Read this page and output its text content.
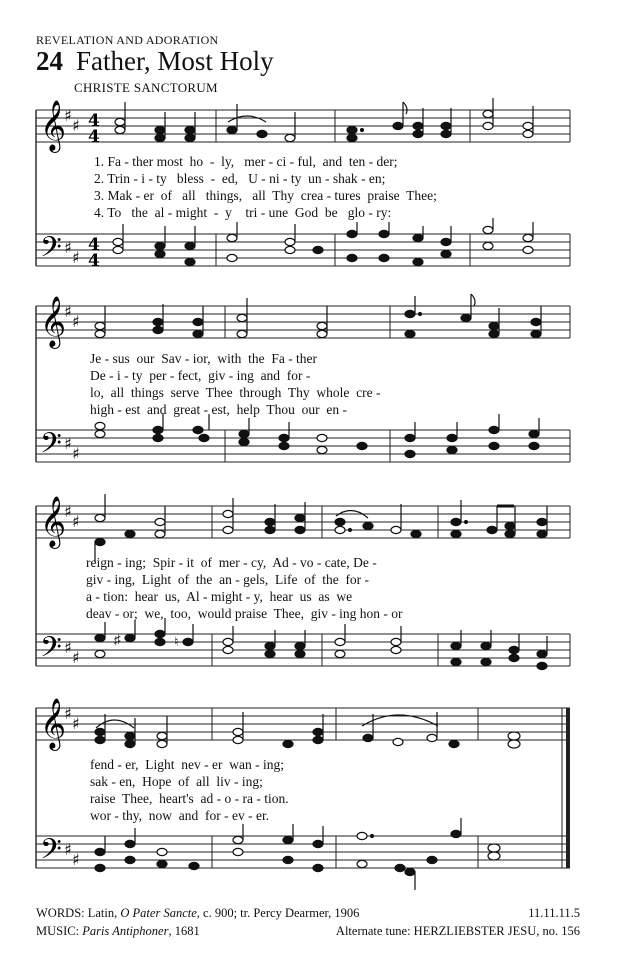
REVELATION AND ADORATION
24 Father, Most Holy
CHRISTE SANCTORUM
𝄞
𝄢
♯
♯
♯
♯
4
4
4
4
𝄞
𝄢
♯
♯
♯
♯
𝄞
𝄢
♯
♯
♯
♯
♯	♮
𝄞
𝄢
♯
♯
♯
♯
1. Fa - ther most  ho  -  ly,   mer - ci - ful,  and  ten - der;
2. Trin - i - ty   bless  -  ed,   U - ni - ty  un - shak - en;
3. Mak - er  of   all   things,   all  Thy  crea - tures  praise  Thee;
4. To   the  al - might  -  y    tri - une  God  be   glo - ry:
Je - sus  our  Sav - ior,  with  the  Fa - ther
De - i - ty  per - fect,  giv - ing  and  for -
lo,  all  things  serve  Thee  through  Thy  whole  cre -
high - est  and  great - est,  help  Thou  our  en -
reign - ing;  Spir - it  of  mer - cy,  Ad - vo - cate, De -
giv - ing,  Light  of  the  an - gels,  Life  of  the  for -
a - tion:  hear  us,  Al - might - y,  hear  us  as  we
deav - or;  we,  too,  would praise  Thee,  giv - ing hon - or
fend - er,  Light  nev - er  wan - ing;
sak - en,  Hope  of  all  liv - ing;
raise  Thee,  heart's  ad - o - ra - tion.
wor - thy,  now  and  for - ev - er.
WORDS: Latin, O Pater Sancte, c. 900; tr. Percy Dearmer, 1906	11.11.11.5
MUSIC: Paris Antiphoner, 1681	Alternate tune: HERZLIEBSTER JESU, no. 156
